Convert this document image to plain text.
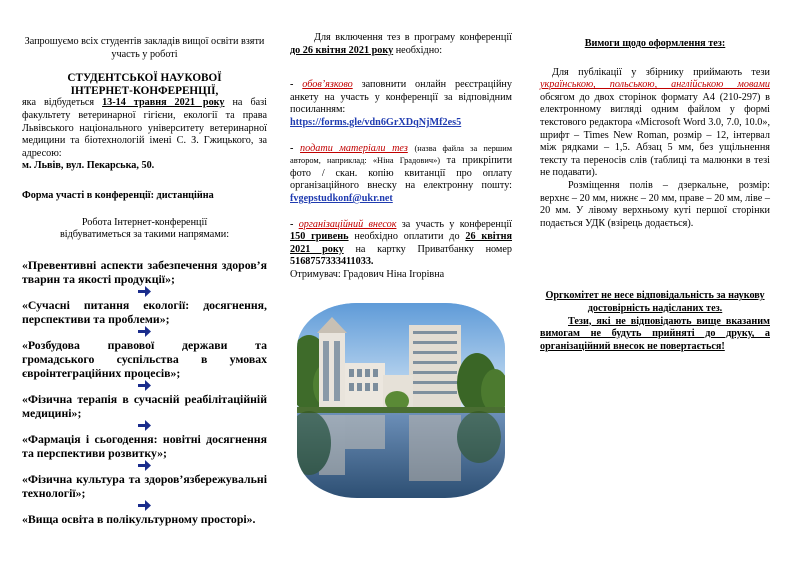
Запрошуємо всіх студентів закладів вищої освіти взяти участь у роботі

СТУДЕНТСЬКОЇ НАУКОВОЇ

ІНТЕРНЕТ-КОНФЕРЕНЦІЇ,

яка відбудеться 13-14 травня 2021 року на базі факультету ветеринарної гігієни, екології та права Львівського національного університету ветеринарної медицини та біотехнологій імені С. З. Гжицького, за адресою:

м. Львів, вул. Пекарська, 50.

Форма участі в конференції: дистанційна

Робота Інтернет-конференції

відбуватиметься за такими напрямами:

«Превентивні аспекти забезпечення здоров’я тварин та якості продукції»;

«Сучасні питання екології: досягнення, перспективи та проблеми»;

«Розбудова правової держави та громадського суспільства в умовах євроінтеграційних процесів»;

«Фізична терапія в сучасній реабілітаційній медицині»;

«Фармація і сьогодення: новітні досягнення та перспективи розвитку»;

«Фізична культура та здоров’язбережувальні технології»;

«Вища освіта в полікультурному просторі».

Для включення тез в програму конференції до 26 квітня 2021 року необхідно:

- обов’язково заповнити онлайн реєстраційну анкету на участь у конференції за відповідним посиланням:

https://forms.gle/vdn6GrXDqNjMf2es5

- подати матеріали тез (назва файла за першим автором, наприклад: «Ніна Градович») та прикріпити фото / скан. копію квитанції про оплату організаційного внеску на електронну пошту: fvgepstudkonf@ukr.net

- організаційний внесок за участь у конференції 150 гривень необхідно оплатити до 26 квітня 2021 року на картку Приватбанку номер 5168757333411033.

Отримувач: Градович Ніна Ігорівна

Вимоги щодо оформлення тез:

Для публікації у збірнику приймають тези українською, польською, англійською мовами обсягом до двох сторінок формату А4 (210-297) в електронному вигляді одним файлом у формі текстового редактора «Microsoft Word 3.0, 7.0, 10.0», шрифт – Times New Roman, розмір – 12, інтервал між рядками – 1,5. Абзац 5 мм, без ущільнення тексту та переносів слів (таблиці та малюнки в тезі не подавати).

Розміщення полів – дзеркальне, розмір: верхнє – 20 мм, нижнє – 20 мм, праве – 20 мм, ліве – 20 мм. У лівому верхньому куті першої сторінки подається УДК (взірець додається).

Оргкомітет не несе відповідальність за наукову достовірність надісланих тез.

Тези, які не відповідають вище вказаним вимогам не будуть прийняті до друку, а організаційний внесок не повертається!
